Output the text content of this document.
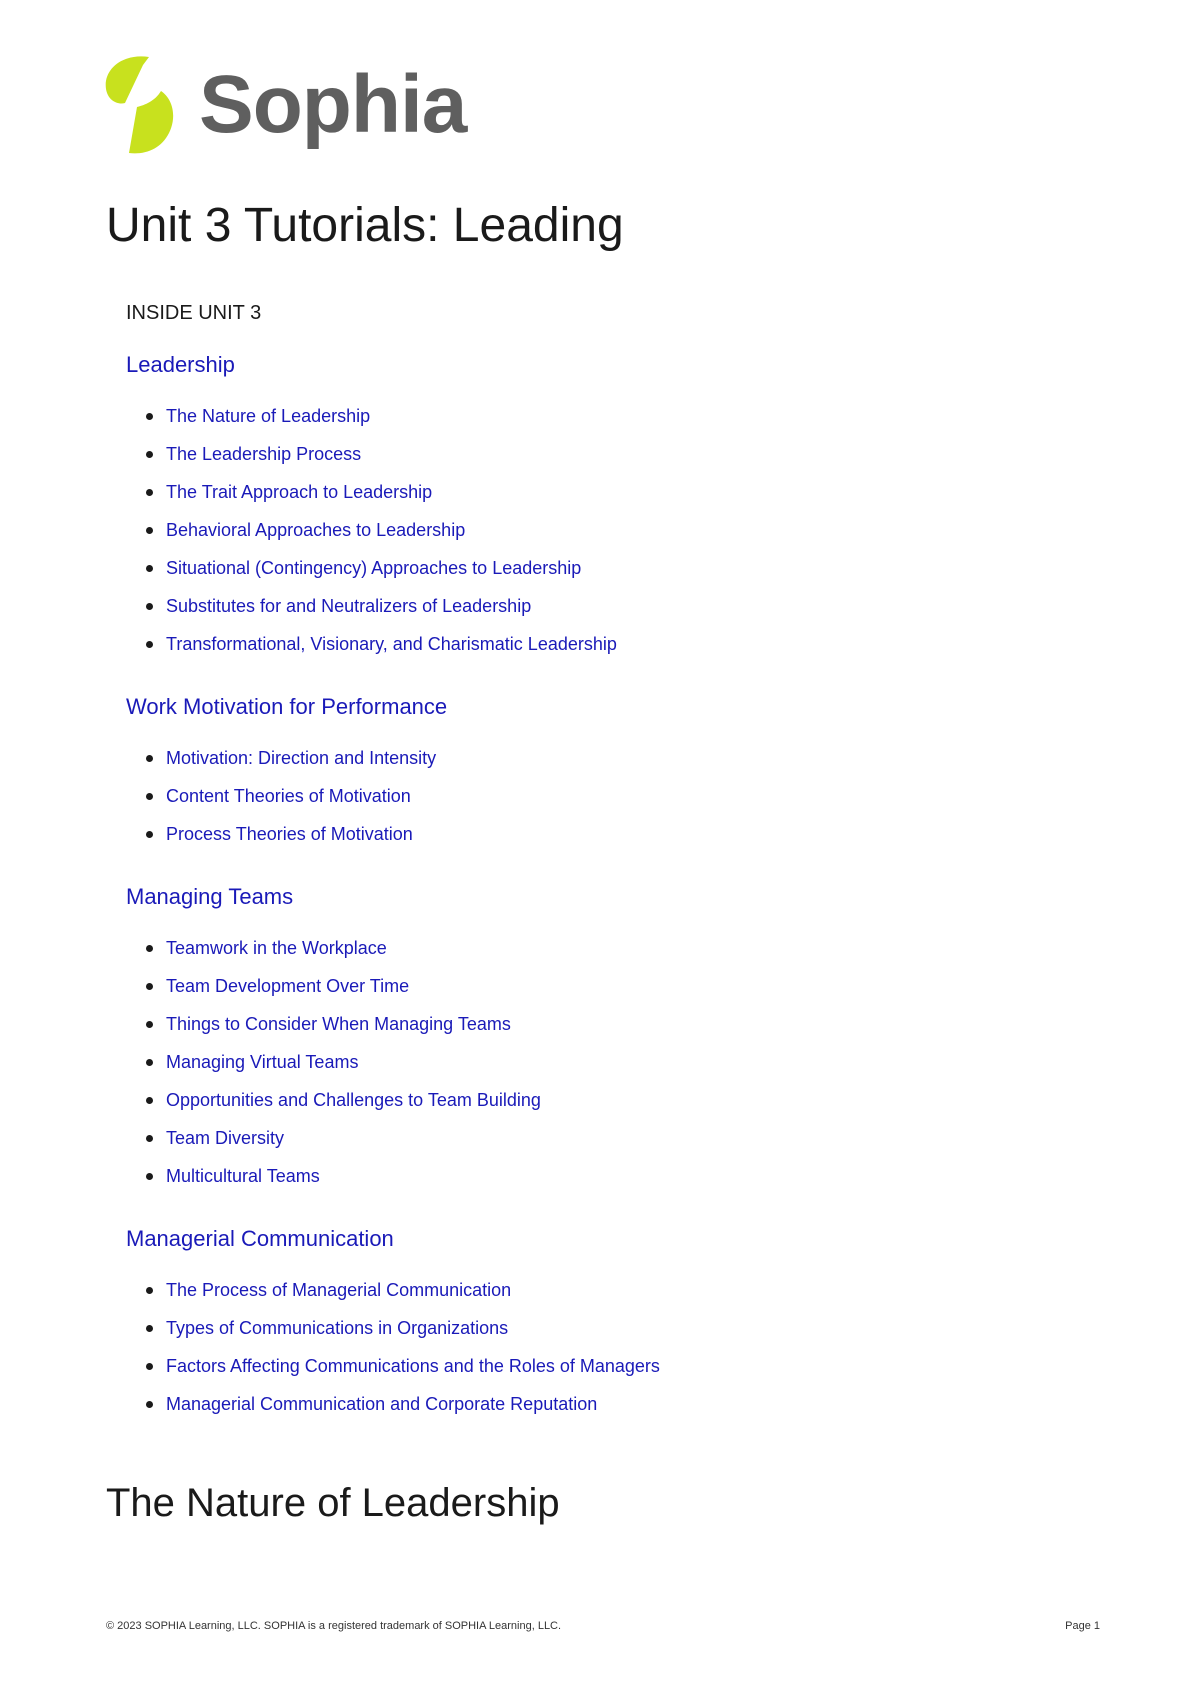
Sophia
Unit 3 Tutorials: Leading
INSIDE UNIT 3
Leadership
The Nature of Leadership
The Leadership Process
The Trait Approach to Leadership
Behavioral Approaches to Leadership
Situational (Contingency) Approaches to Leadership
Substitutes for and Neutralizers of Leadership
Transformational, Visionary, and Charismatic Leadership
Work Motivation for Performance
Motivation: Direction and Intensity
Content Theories of Motivation
Process Theories of Motivation
Managing Teams
Teamwork in the Workplace
Team Development Over Time
Things to Consider When Managing Teams
Managing Virtual Teams
Opportunities and Challenges to Team Building
Team Diversity
Multicultural Teams
Managerial Communication
The Process of Managerial Communication
Types of Communications in Organizations
Factors Affecting Communications and the Roles of Managers
Managerial Communication and Corporate Reputation
The Nature of Leadership
© 2023 SOPHIA Learning, LLC. SOPHIA is a registered trademark of SOPHIA Learning, LLC.	Page 1
